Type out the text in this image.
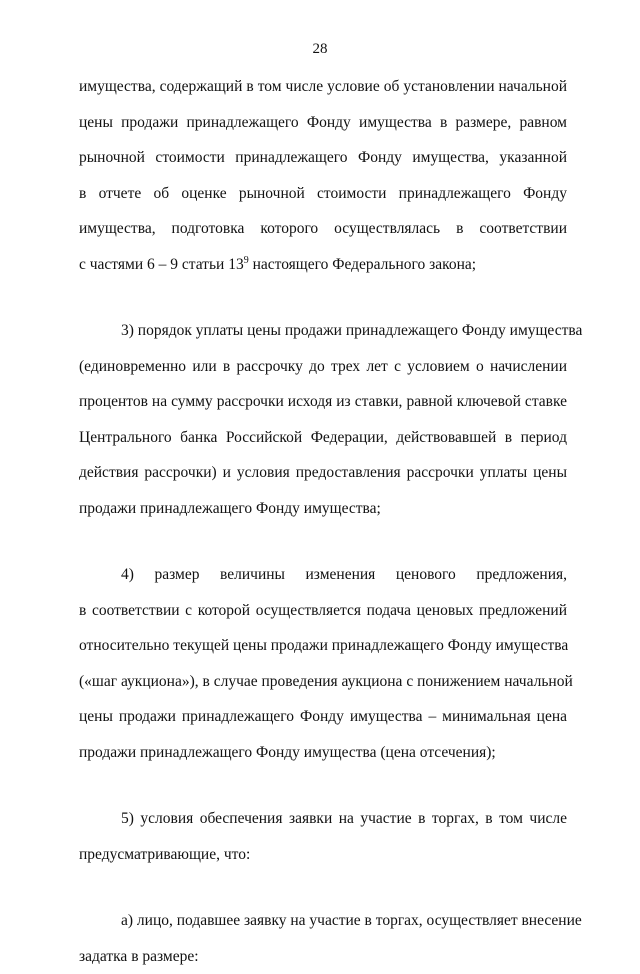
28
имущества, содержащий в том числе условие об установлении начальной
цены продажи принадлежащего Фонду имущества в размере, равном
рыночной стоимости принадлежащего Фонду имущества, указанной
в отчете об оценке рыночной стоимости принадлежащего Фонду
имущества, подготовка которого осуществлялась в соответствии
с частями 6 – 9 статьи $13^9$ настоящего Федерального закона;
3) порядок уплаты цены продажи принадлежащего Фонду имущества
(единовременно или в рассрочку до трех лет с условием о начислении
процентов на сумму рассрочки исходя из ставки, равной ключевой ставке
Центрального банка Российской Федерации, действовавшей в период
действия рассрочки) и условия предоставления рассрочки уплаты цены
продажи принадлежащего Фонду имущества;
4) размер величины изменения ценового предложения,
в соответствии с которой осуществляется подача ценовых предложений
относительно текущей цены продажи принадлежащего Фонду имущества
(«шаг аукциона»), в случае проведения аукциона с понижением начальной
цены продажи принадлежащего Фонду имущества – минимальная цена
продажи принадлежащего Фонду имущества (цена отсечения);
5) условия обеспечения заявки на участие в торгах, в том числе
предусматривающие, что:
а) лицо, подавшее заявку на участие в торгах, осуществляет внесение
задатка в размере:
